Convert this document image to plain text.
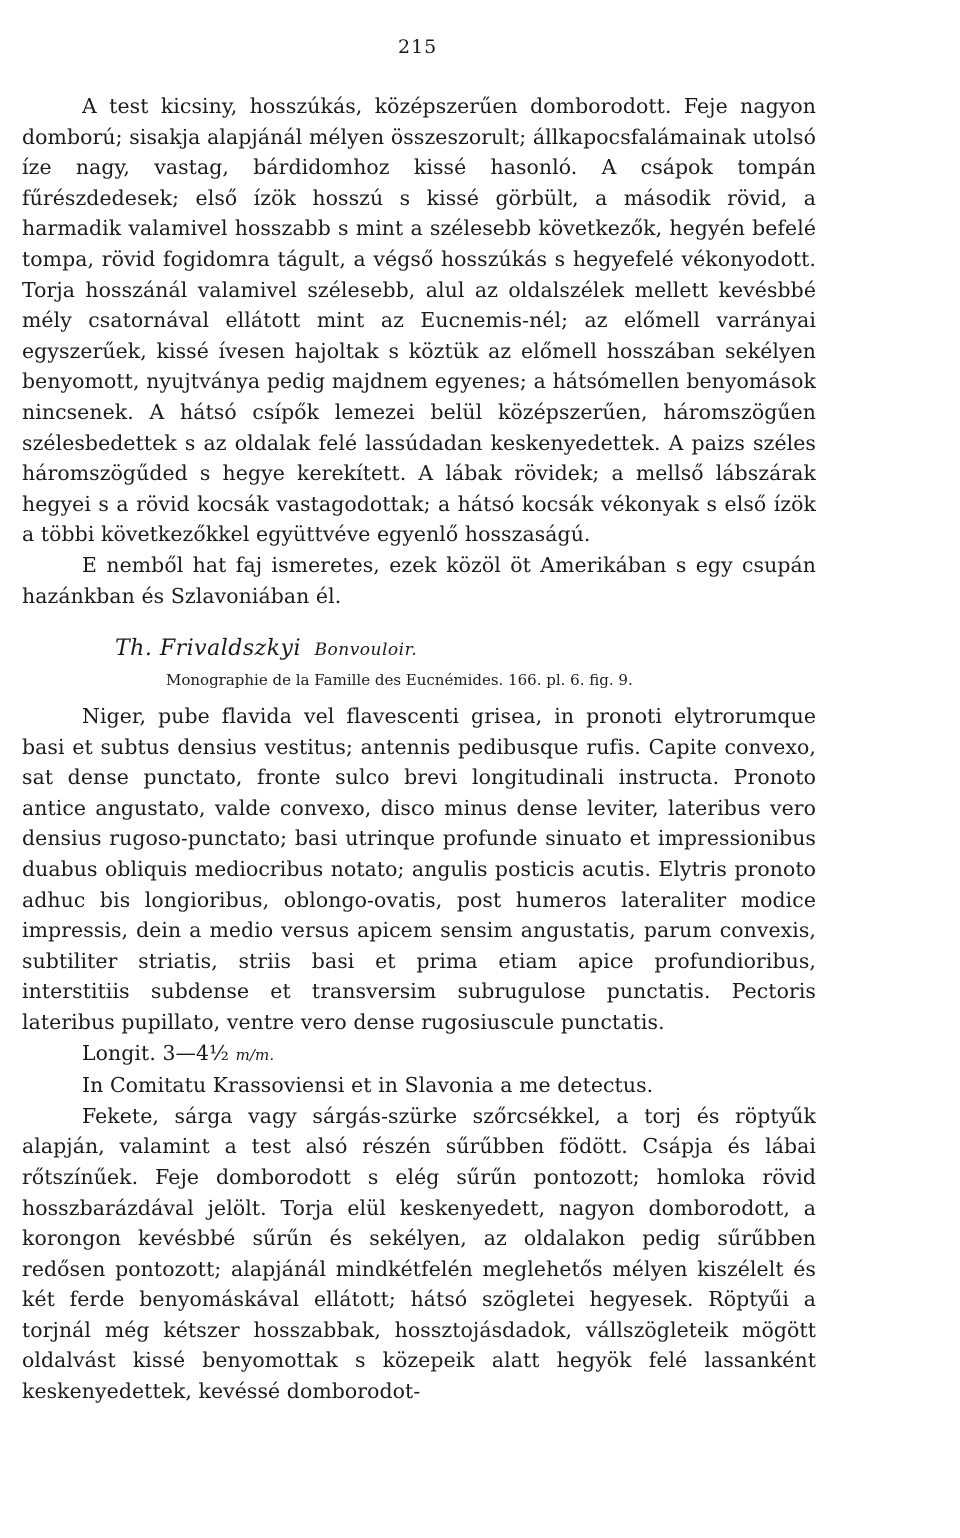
215

A test kicsiny, hosszúkás, középszerűen domborodott. Feje nagyon domború; sisakja alapjánál mélyen összeszorult; állkapocsfalámainak utolsó íze nagy, vastag, bárdidomhoz kissé hasonló. A csápok tompán fűrészdedesek; első ízök hosszú s kissé görbült, a második rövid, a harmadik valamivel hosszabb s mint a szélesebb következők, hegyén befelé tompa, rövid fogidomra tágult, a végső hosszúkás s hegyefelé vékonyodott. Torja hosszánál valamivel szélesebb, alul az oldalszélek mellett kevésbbé mély csatornával ellátott mint az Eucnemis-nél; az előmell varrányai egyszerűek, kissé ívesen hajoltak s köztük az előmell hosszában sekélyen benyomott, nyujtványa pedig majdnem egyenes; a hátsómellen benyomások nincsenek. A hátsó csípők lemezei belül középszerűen, háromszögűen szélesbedettek s az oldalak felé lassúdadan keskenyedettek. A paizs széles háromszögűded s hegye kerekített. A lábak rövidek; a mellső lábszárak hegyei s a rövid kocsák vastagodottak; a hátsó kocsák vékonyak s első ízök a többi következőkkel együttvéve egyenlő hosszaságú.

E nemből hat faj ismeretes, ezek közöl öt Amerikában s egy csupán hazánkban és Szlavoniában él.

Th. Frivaldszkyi Bonvouloir.
Monographie de la Famille des Eucnémides. 166. pl. 6. fig. 9.

Niger, pube flavida vel flavescenti grisea, in pronoti elytrorumque basi et subtus densius vestitus; antennis pedibusque rufis. Capite convexo, sat dense punctato, fronte sulco brevi longitudinali instructa. Pronoto antice angustato, valde convexo, disco minus dense leviter, lateribus vero densius rugoso-punctato; basi utrinque profunde sinuato et impressionibus duabus obliquis mediocribus notato; angulis posticis acutis. Elytris pronoto adhuc bis longioribus, oblongo-ovatis, post humeros lateraliter modice impressis, dein a medio versus apicem sensim angustatis, parum convexis, subtiliter striatis, striis basi et prima etiam apice profundioribus, interstitiis subdense et transversim subrugulose punctatis. Pectoris lateribus pupillato, ventre vero dense rugosiuscule punctatis.

Longit. 3—4½ m/m.

In Comitatu Krassoviensi et in Slavonia a me detectus.

Fekete, sárga vagy sárgás-szürke szőrcsékkel, a torj és röptyűk alapján, valamint a test alsó részén sűrűbben födött. Csápja és lábai rőtszínűek. Feje domborodott s elég sűrűn pontozott; homloka rövid hosszbarázdával jelölt. Torja elül keskenyedett, nagyon domborodott, a korongon kevésbbé sűrűn és sekélyen, az oldalakon pedig sűrűbben redősen pontozott; alapjánál mindkétfelén meglehetős mélyen kiszélelt és két ferde benyomáskával ellátott; hátsó szögletei hegyesek. Röptyűi a torjnál még kétszer hosszabbak, hossztojásdadok, vállszögleteik mögött oldalvást kissé benyomottak s közepeik alatt hegyök felé lassanként keskenyedettek, kevéssé domborodot-
